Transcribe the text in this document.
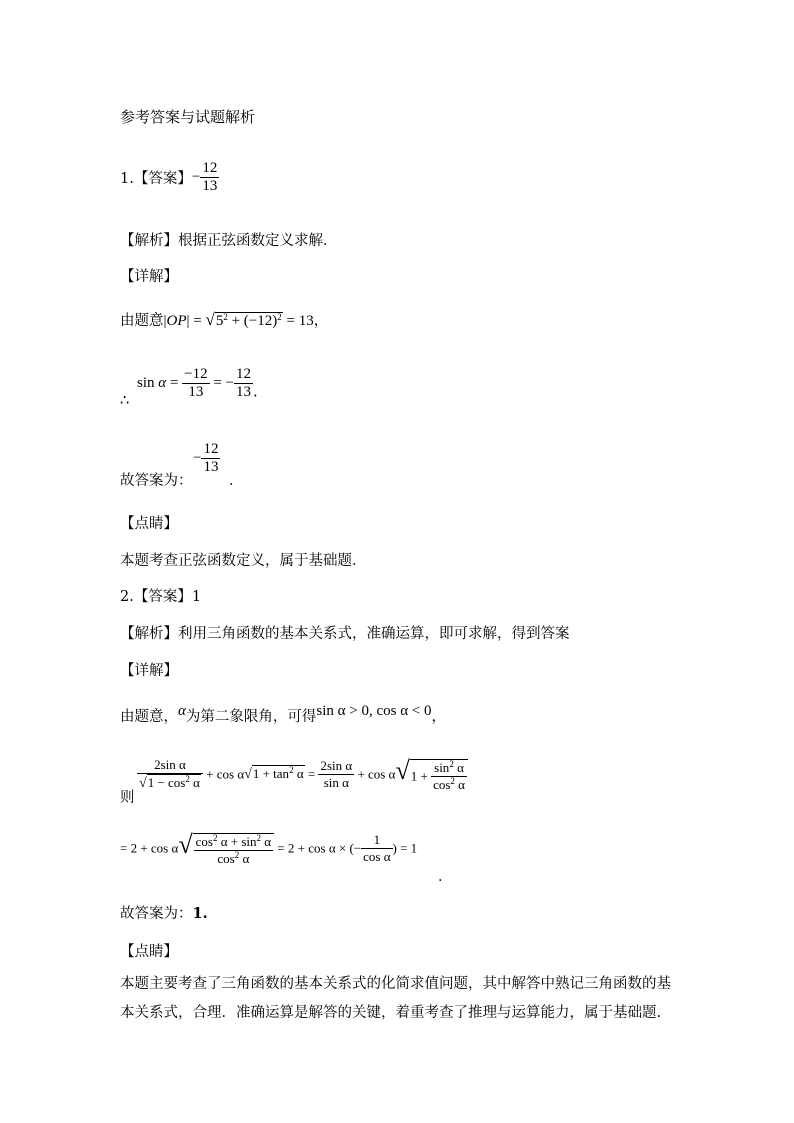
参考答案与试题解析
1.【答案】− $\frac{12}{13}$
【解析】根据正弦函数定义求解．
【详解】
由题意$|OP| = √5^2 + (-12)^2 = 13$，
∴
$\sin \alpha = \frac{-12}{13}$ = − $\frac{12}{13}$ ．
故答案为：
− $\frac{12}{13}$
．
【点睛】
本题考查正弦函数定义，属于基础题．
2.【答案】1
【解析】利用三角函数的基本关系式，准确运算，即可求解，得到答案
【详解】
由题意，α为第二象限角，可得sin α > 0, cos α < 0，
则
$\frac{\text{2sin α}}{√1 - \cos^2 \alpha} + \cos \alpha√1 + \tan^2 \alpha = \frac{\text{2sin α}}{\text{sin α}} + \cos \alpha√1 + \frac{\sin^2 \alpha}{\cos^2 \alpha}$
= $2 + \cos \alpha√ \frac{\cos^2 \alpha + \sin^2 \alpha}{\cos^2 \alpha} = 2 + \cos \alpha$ × (− $\frac{1}{\text{cos α}}$ ) = 1
．
故答案为：1.
【点睛】
本题主要考查了三角函数的基本关系式的化简求值问题，其中解答中熟记三角函数的基本关系式，合理．准确运算是解答的关键，着重考查了推理与运算能力，属于基础题.
